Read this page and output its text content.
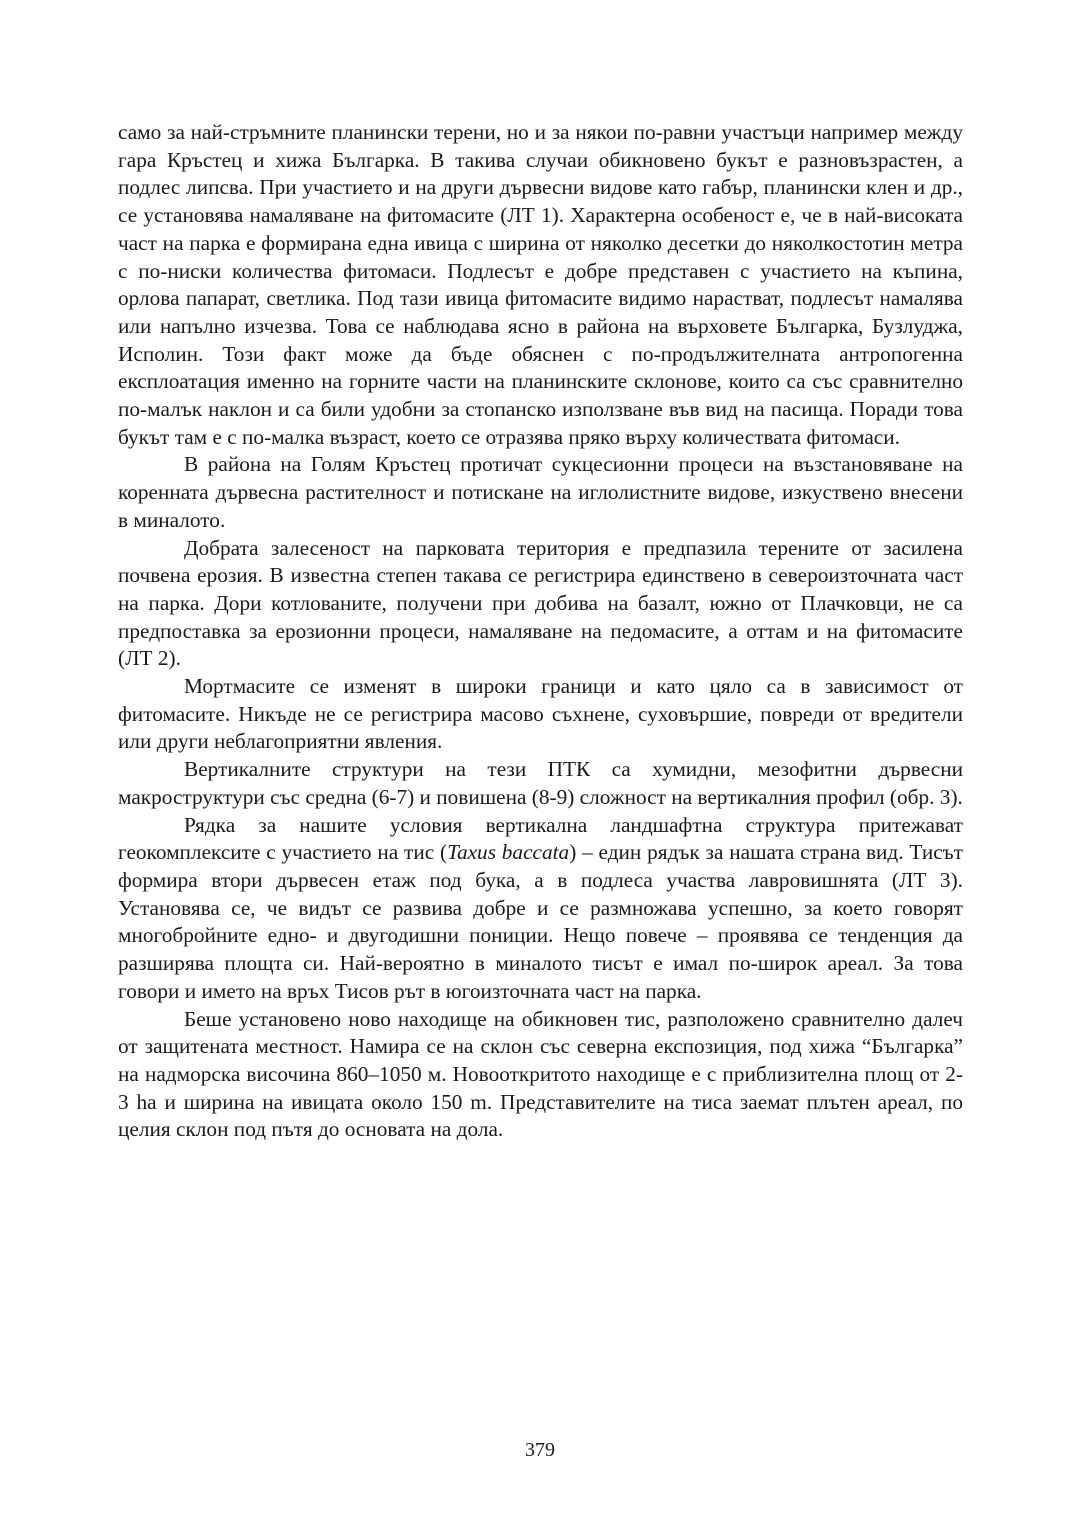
само за най-стръмните планински терени, но и за някои по-равни участъци например между гара Кръстец и хижа Българка. В такива случаи обикновено букът е разновъзрастен, а подлес липсва. При участието и на други дървесни видове като габър, планински клен и др., се установява намаляване на фитомасите (ЛТ 1). Характерна особеност е, че в най-високата част на парка е формирана една ивица с ширина от няколко десетки до няколкостотин метра с по-ниски количества фитомаси. Подлесът е добре представен с участието на къпина, орлова папарат, светлика. Под тази ивица фитомасите видимо нарастват, подлесът намалява или напълно изчезва. Това се наблюдава ясно в района на върховете Българка, Бузлуджа, Исполин. Този факт може да бъде обяснен с по-продължителната антропогенна експлоатация именно на горните части на планинските склонове, които са със сравнително по-малък наклон и са били удобни за стопанско използване във вид на пасища. Поради това букът там е с по-малка възраст, което се отразява пряко върху количествата фитомаси.

В района на Голям Кръстец протичат сукцесионни процеси на възстановяване на коренната дървесна растителност и потискане на иглолистните видове, изкуствено внесени в миналото.

Добрата залесеност на парковата територия е предпазила терените от засилена почвена ерозия. В известна степен такава се регистрира единствено в североизточната част на парка. Дори котлованите, получени при добива на базалт, южно от Плачковци, не са предпоставка за ерозионни процеси, намаляване на педомасите, а оттам и на фитомасите (ЛТ 2).

Мортмасите се изменят в широки граници и като цяло са в зависимост от фитомасите. Никъде не се регистрира масово съхнене, суховършие, повреди от вредители или други неблагоприятни явления.

Вертикалните структури на тези ПТК са хумидни, мезофитни дървесни макроструктури със средна (6-7) и повишена (8-9) сложност на вертикалния профил (обр. 3).

Рядка за нашите условия вертикална ландшафтна структура притежават геокомплексите с участието на тис (Taxus baccata) – един рядък за нашата страна вид. Тисът формира втори дървесен етаж под бука, а в подлеса участва лавровишнята (ЛТ 3). Установява се, че видът се развива добре и се размножава успешно, за което говорят многобройните едно- и двугодишни пониции. Нещо повече – проявява се тенденция да разширява площта си. Най-вероятно в миналото тисът е имал по-широк ареал. За това говори и името на връх Тисов рът в югоизточната част на парка.

Беше установено ново находище на обикновен тис, разположено сравнително далеч от защитената местност. Намира се на склон със северна експозиция, под хижа “Българка” на надморска височина 860–1050 м. Новооткритото находище е с приблизителна площ от 2-3 ha и ширина на ивицата около 150 m. Представителите на тиса заемат плътен ареал, по целия склон под пътя до основата на дола.

379
